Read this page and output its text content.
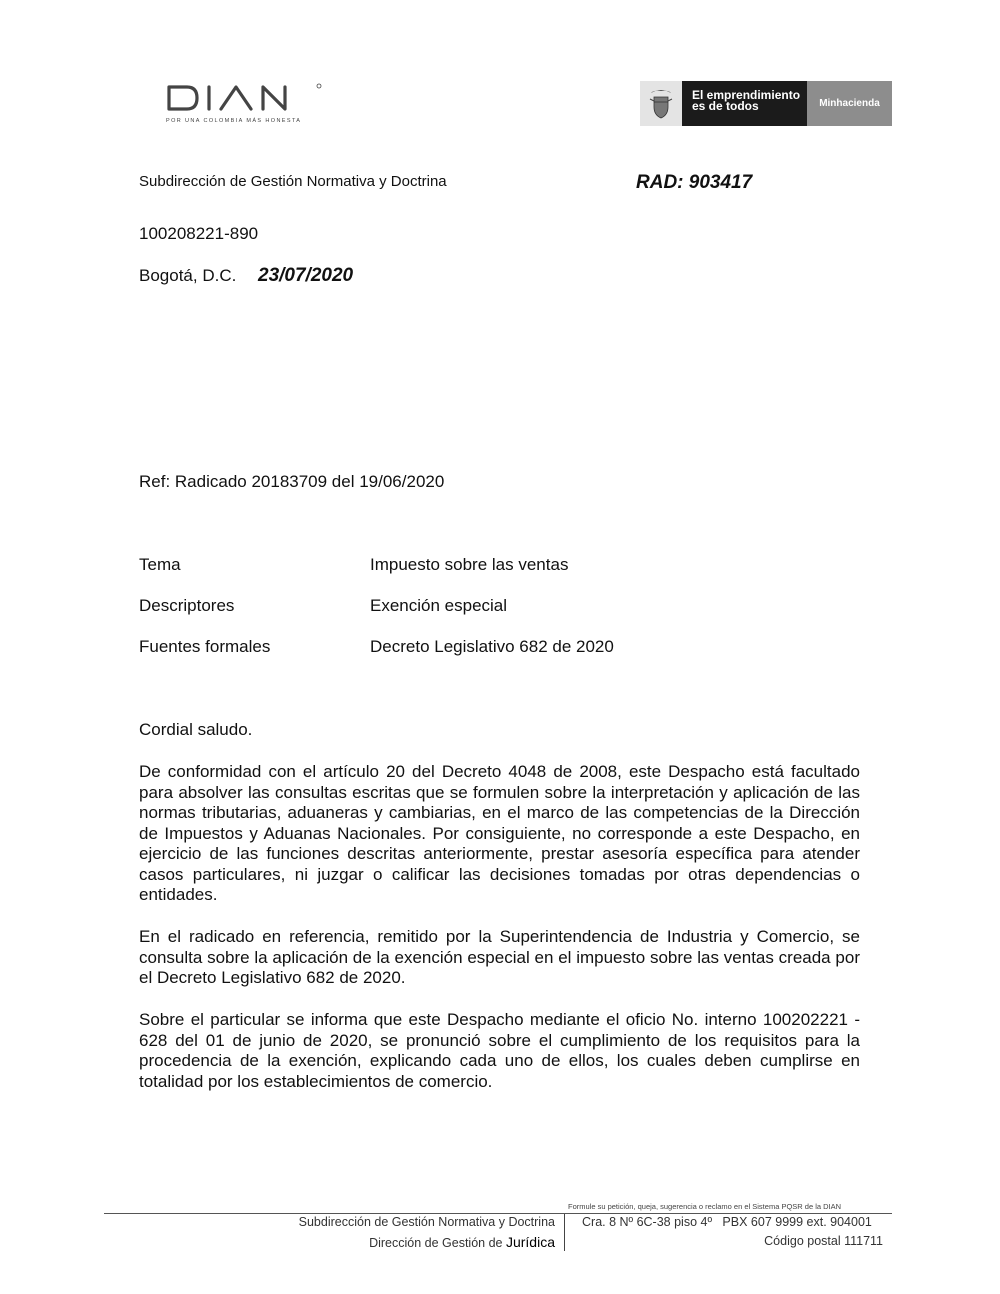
POR UNA COLOMBIA MÁS HONESTA
El emprendimiento
es de todos	Minhacienda
Subdirección de Gestión Normativa y Doctrina	RAD: 903417
100208221-890
Bogotá, D.C. 23/07/2020
Ref: Radicado 20183709 del 19/06/2020
Tema	Impuesto sobre las ventas
Descriptores	Exención especial
Fuentes formales	Decreto Legislativo 682 de 2020
Cordial saludo.
De conformidad con el artículo 20 del Decreto 4048 de 2008, este Despacho está facultado para absolver las consultas escritas que se formulen sobre la interpretación y aplicación de las normas tributarias, aduaneras y cambiarias, en el marco de las competencias de la Dirección de Impuestos y Aduanas Nacionales. Por consiguiente, no corresponde a este Despacho, en ejercicio de las funciones descritas anteriormente, prestar asesoría específica para atender casos particulares, ni juzgar o calificar las decisiones tomadas por otras dependencias o entidades.
En el radicado en referencia, remitido por la Superintendencia de Industria y Comercio, se consulta sobre la aplicación de la exención especial en el impuesto sobre las ventas creada por el Decreto Legislativo 682 de 2020.
Sobre el particular se informa que este Despacho mediante el oficio No. interno 100202221 - 628 del 01 de junio de 2020, se pronunció sobre el cumplimiento de los requisitos para la procedencia de la exención, explicando cada uno de ellos, los cuales deben cumplirse en totalidad por los establecimientos de comercio.
Formule su petición, queja, sugerencia o reclamo en el Sistema PQSR de la DIAN
Subdirección de Gestión Normativa y Doctrina
Dirección de Gestión de Jurídica
Cra. 8 Nº 6C-38 piso 4º   PBX 607 9999 ext. 904001
Código postal 111711
